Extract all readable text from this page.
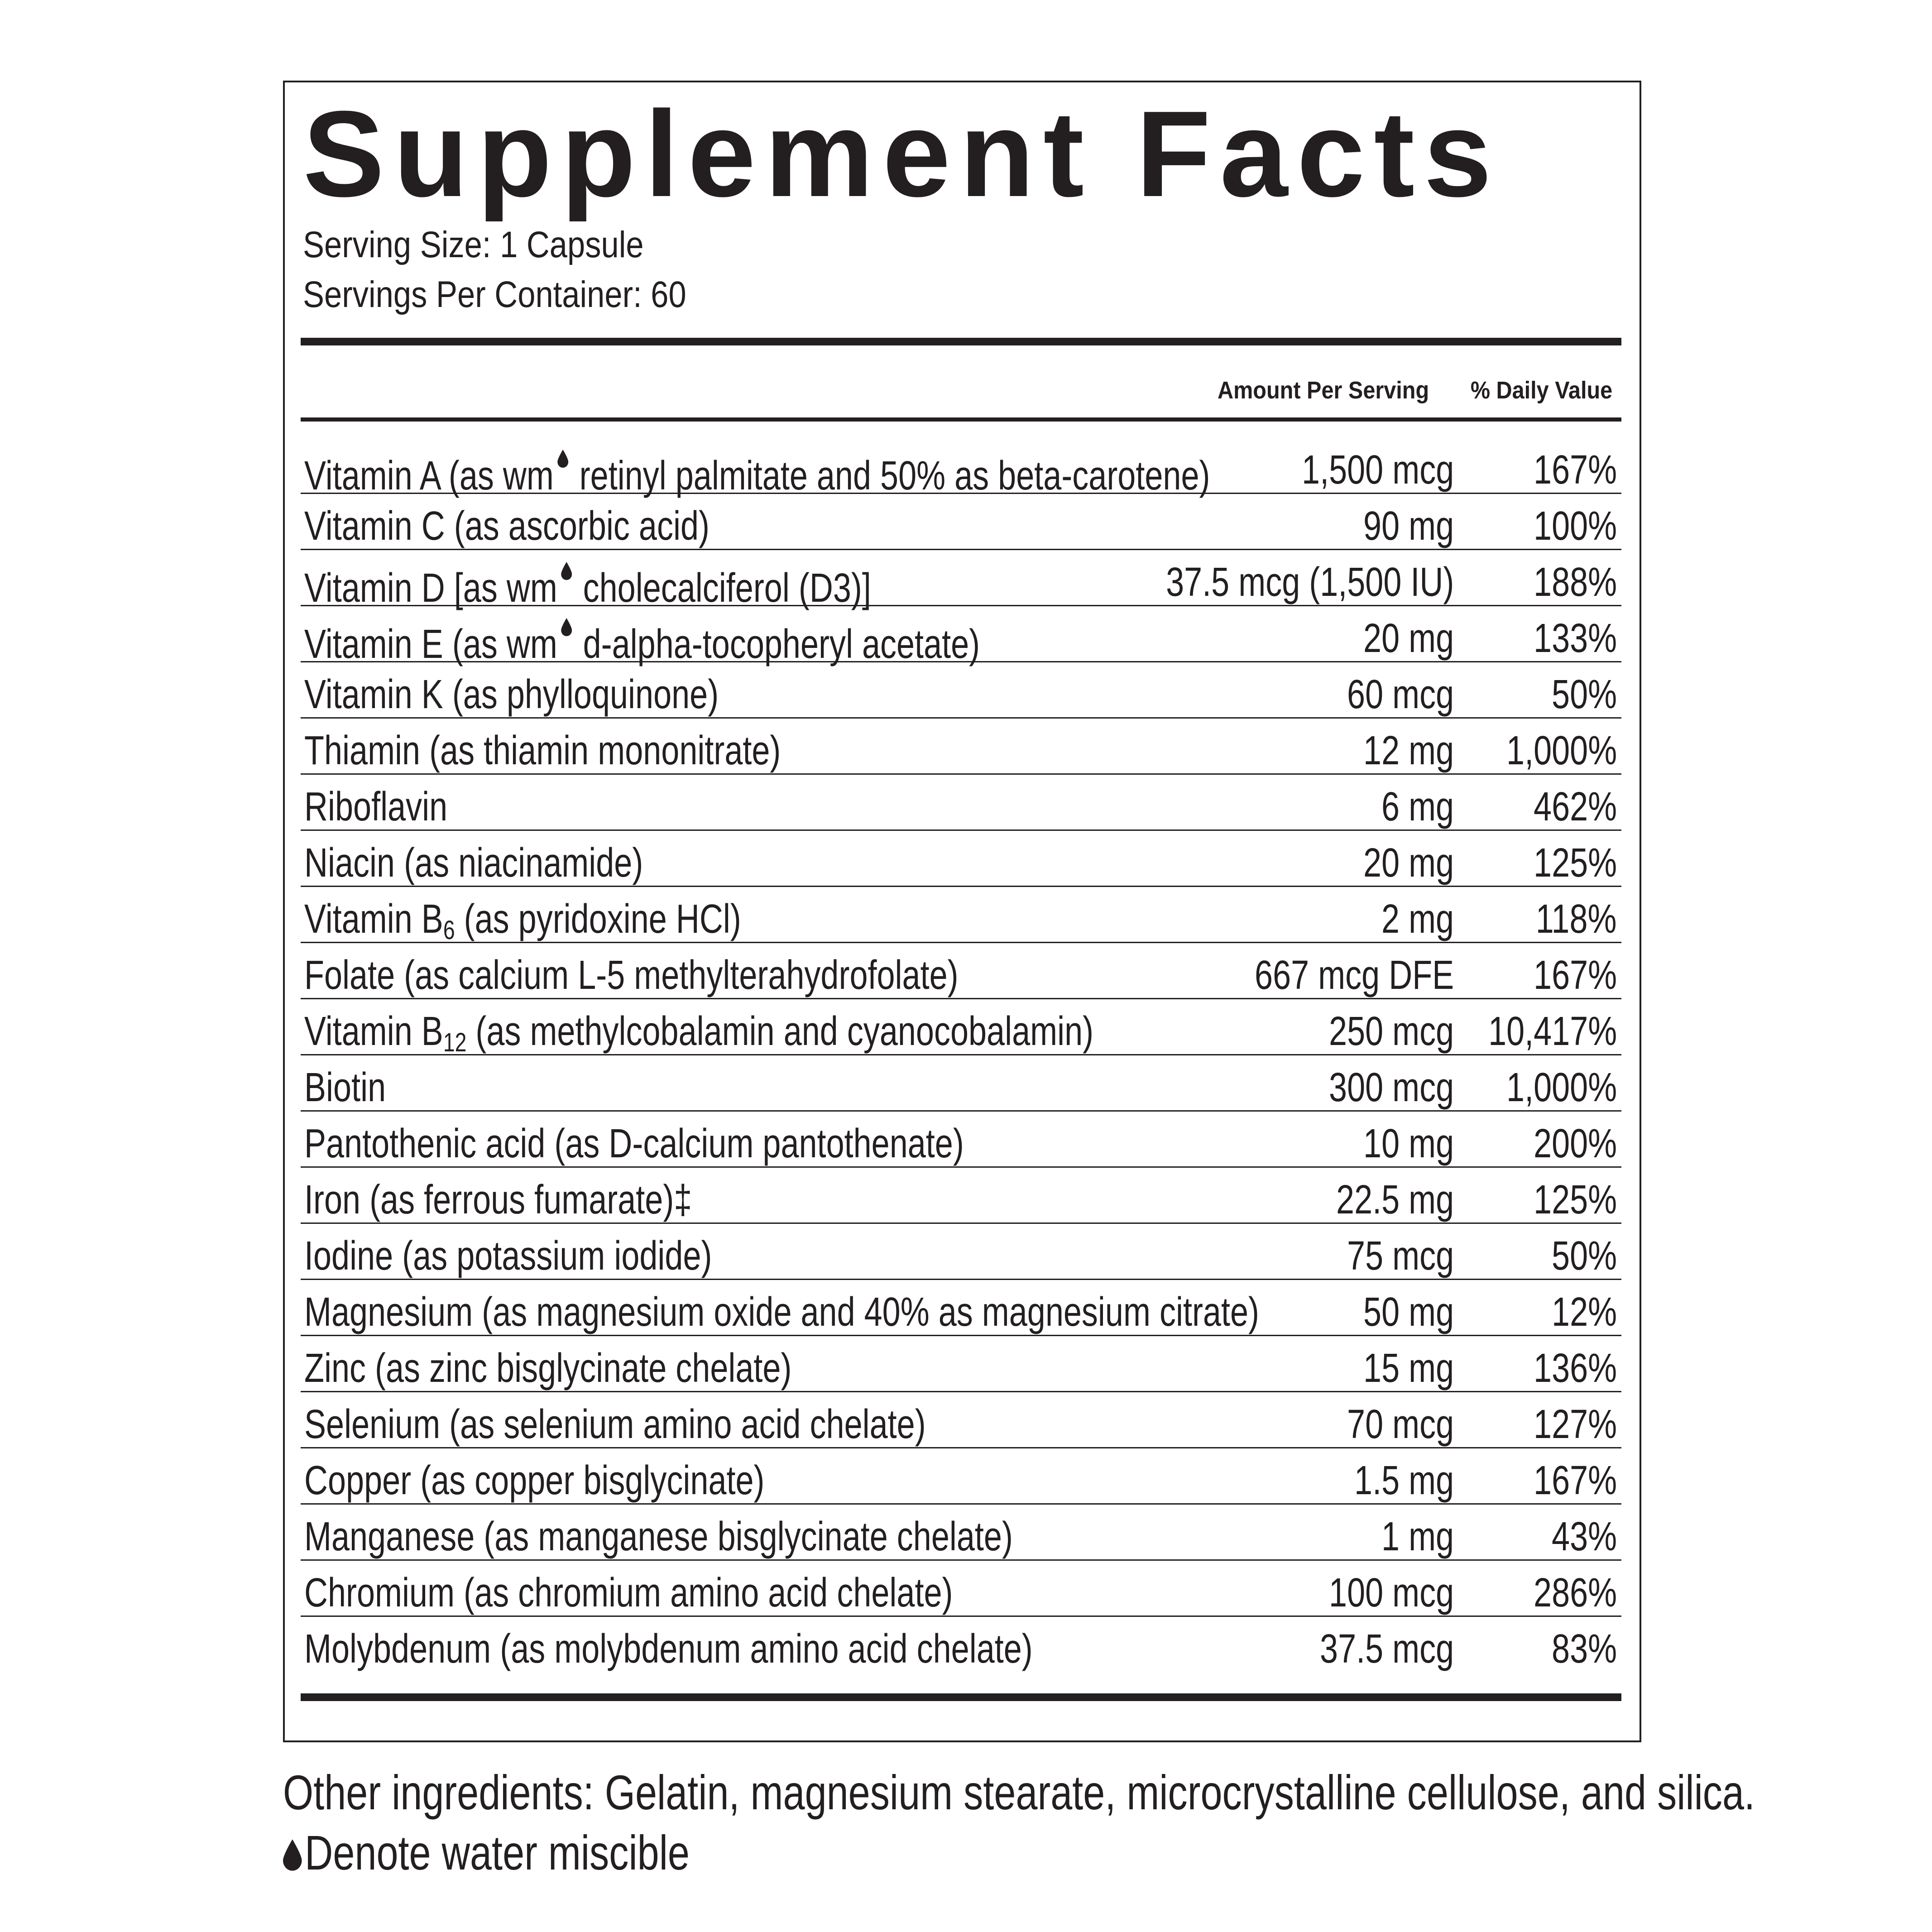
Supplement Facts
Serving Size: 1 Capsule
Servings Per Container: 60
Amount Per Serving % Daily Value
Vitamin A (as wm retinyl palmitate and 50% as beta-carotene) 1,500 mcg 167%
Vitamin C (as ascorbic acid)	90 mg 100%
Vitamin D [as wm cholecalciferol (D3)]	37.5 mcg (1,500 IU) 188%
Vitamin E (as wm d-alpha-tocopheryl acetate)	20 mg 133%
Vitamin K (as phylloquinone)	60 mcg 50%
Thiamin (as thiamin mononitrate)	12 mg 1,000%
Riboflavin	6 mg 462%
Niacin (as niacinamide)	20 mg 125%
Vitamin $B_6$ (as pyridoxine HCl)	2 mg 118%
Folate (as calcium L-5 methylterahydrofolate)	667 mcg DFE 167%
Vitamin $B_{12}$ (as methylcobalamin and cyanocobalamin)	250 mcg 10,417%
Biotin	300 mcg 1,000%
Pantothenic acid (as D-calcium pantothenate)	10 mg 200%
Iron (as ferrous fumarate)‡	22.5 mg 125%
Iodine (as potassium iodide)	75 mcg 50%
Magnesium (as magnesium oxide and 40% as magnesium citrate)	50 mg 12%
Zinc (as zinc bisglycinate chelate)	15 mg 136%
Selenium (as selenium amino acid chelate)	70 mcg 127%
Copper (as copper bisglycinate)	1.5 mg 167%
Manganese (as manganese bisglycinate chelate)	1 mg 43%
Chromium (as chromium amino acid chelate)	100 mcg 286%
Molybdenum (as molybdenum amino acid chelate)	37.5 mcg 83%
Other ingredients: Gelatin, magnesium stearate, microcrystalline cellulose, and silica.
Denote water miscible
